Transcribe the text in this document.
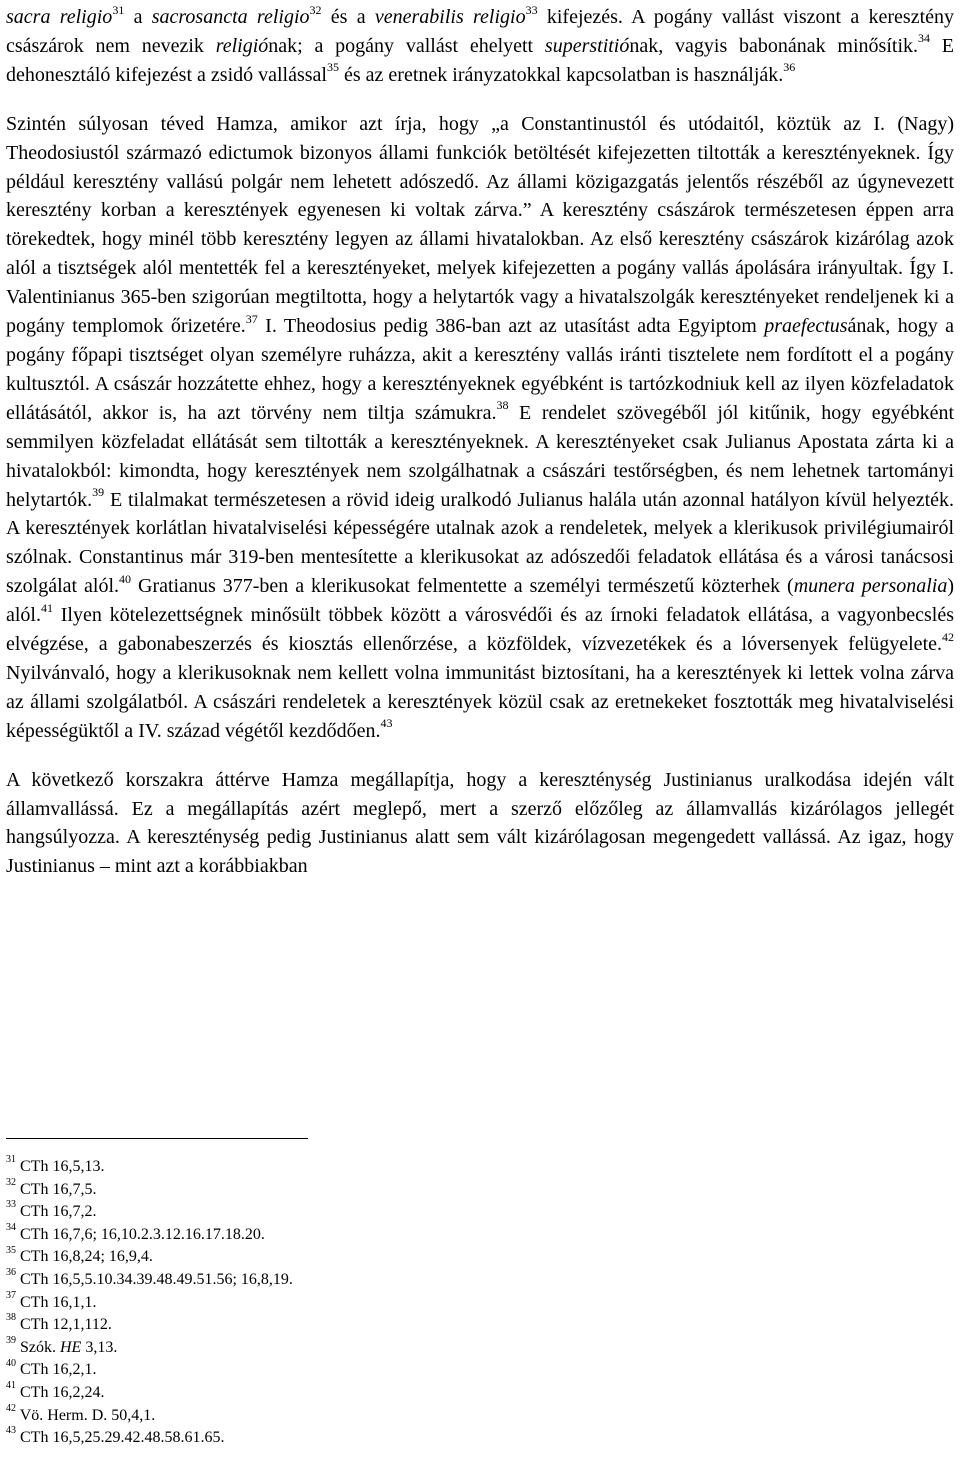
sacra religio$^{31}$ a sacrosancta religio$^{32}$ és a venerabilis religio$^{33}$ kifejezés. A pogány vallást viszont a keresztény császárok nem nevezik religiónak; a pogány vallást ehelyett superstitiónak, vagyis babonának minősítik.$^{34}$ E dehonesztáló kifejezést a zsidó vallással$^{35}$ és az eretnek irányzatokkal kapcsolatban is használják.$^{36}$

Szintén súlyosan téved Hamza, amikor azt írja, hogy „a Constantinustól és utódaitól, köztük az I. (Nagy) Theodosiustól származó edictumok bizonyos állami funkciók betöltését kifejezetten tiltották a keresztényeknek. Így például keresztény vallású polgár nem lehetett adószedő. Az állami közigazgatás jelentős részéből az úgynevezett keresztény korban a keresztények egyenesen ki voltak zárva.” A keresztény császárok természetesen éppen arra törekedtek, hogy minél több keresztény legyen az állami hivatalokban. Az első keresztény császárok kizárólag azok alól a tisztségek alól mentették fel a keresztényeket, melyek kifejezetten a pogány vallás ápolására irányultak. Így I. Valentinianus 365-ben szigorúan megtiltotta, hogy a helytartók vagy a hivatalszolgák keresztényeket rendeljenek ki a pogány templomok őrizetére.$^{37}$ I. Theodosius pedig 386-ban azt az utasítást adta Egyiptom praefectusának, hogy a pogány főpapi tisztséget olyan személyre ruházza, akit a keresztény vallás iránti tisztelete nem fordított el a pogány kultusztól. A császár hozzátette ehhez, hogy a keresztényeknek egyébként is tartózkodniuk kell az ilyen közfeladatok ellátásától, akkor is, ha azt törvény nem tiltja számukra.$^{38}$ E rendelet szövegéből jól kitűnik, hogy egyébként semmilyen közfeladat ellátását sem tiltották a keresztényeknek. A keresztényeket csak Julianus Apostata zárta ki a hivatalokból: kimondta, hogy keresztények nem szolgálhatnak a császári testőrségben, és nem lehetnek tartományi helytartók.$^{39}$ E tilalmakat természetesen a rövid ideig uralkodó Julianus halála után azonnal hatályon kívül helyezték. A keresztények korlátlan hivatalviselési képességére utalnak azok a rendeletek, melyek a klerikusok privilégiumairól szólnak. Constantinus már 319-ben mentesítette a klerikusokat az adószedői feladatok ellátása és a városi tanácsosi szolgálat alól.$^{40}$ Gratianus 377-ben a klerikusokat felmentette a személyi természetű közterhek (munera personalia) alól.$^{41}$ Ilyen kötelezettségnek minősült többek között a városvédői és az írnoki feladatok ellátása, a vagyonbecslés elvégzése, a gabonabeszerzés és kiosztás ellenőrzése, a közföldek, vízvezetékek és a lóversenyek felügyelete.$^{42}$ Nyilvánvaló, hogy a klerikusoknak nem kellett volna immunitást biztosítani, ha a keresztények ki lettek volna zárva az állami szolgálatból. A császári rendeletek a keresztények közül csak az eretnekeket fosztották meg hivatalviselési képességüktől a IV. század végétől kezdődően.$^{43}$

A következő korszakra áttérve Hamza megállapítja, hogy a kereszténység Justinianus uralkodása idején vált államvallássá. Ez a megállapítás azért meglepő, mert a szerző előzőleg az államvallás kizárólagos jellegét hangsúlyozza. A kereszténység pedig Justinianus alatt sem vált kizárólagosan megengedett vallássá. Az igaz, hogy Justinianus – mint azt a korábbiakban

$^{31}$ CTh 16,5,13.
$^{32}$ CTh 16,7,5.
$^{33}$ CTh 16,7,2.
$^{34}$ CTh 16,7,6; 16,10.2.3.12.16.17.18.20.
$^{35}$ CTh 16,8,24; 16,9,4.
$^{36}$ CTh 16,5,5.10.34.39.48.49.51.56; 16,8,19.
$^{37}$ CTh 16,1,1.
$^{38}$ CTh 12,1,112.
$^{39}$ Szók. HE 3,13.
$^{40}$ CTh 16,2,1.
$^{41}$ CTh 16,2,24.
$^{42}$ Vö. Herm. D. 50,4,1.
$^{43}$ CTh 16,5,25.29.42.48.58.61.65.
